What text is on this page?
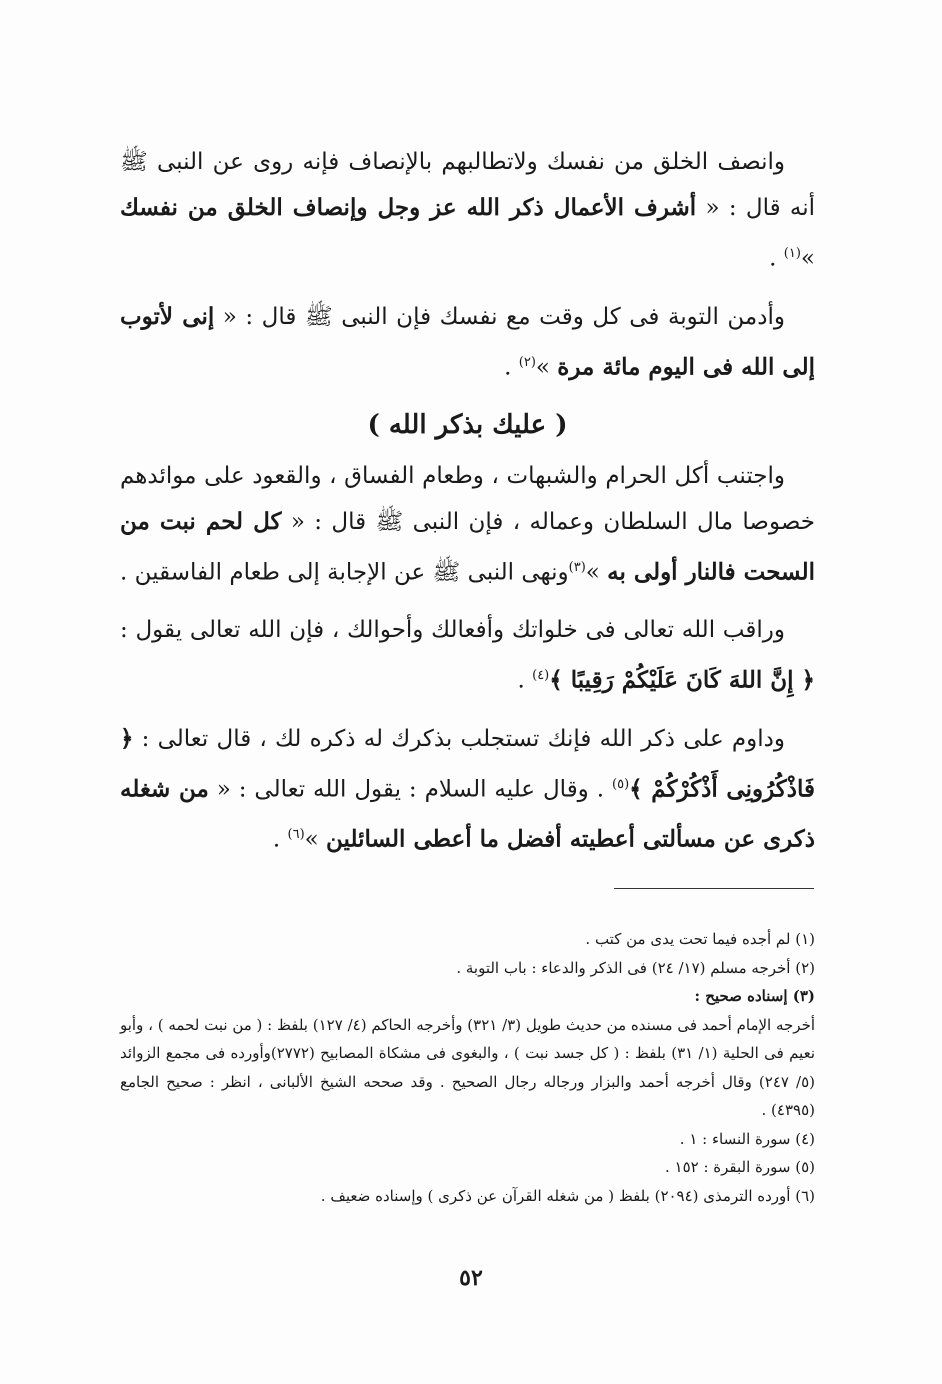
وانصف الخلق من نفسك ولاتطالبهم بالإنصاف فإنه روى عن النبى ﷺ أنه قال : « أشرف الأعمال ذكر الله عز وجل وإنصاف الخلق من نفسك »$^{(١)}$ .

وأدمن التوبة فى كل وقت مع نفسك فإن النبى ﷺ قال : « إنى لأتوب إلى الله فى اليوم مائة مرة »$^{(٢)}$ .

( عليك بذكر الله )

واجتنب أكل الحرام والشبهات ، وطعام الفساق ، والقعود على موائدهم خصوصا مال السلطان وعماله ، فإن النبى ﷺ قال : « كل لحم نبت من السحت فالنار أولى به »$^{(٣)}$ونهى النبى ﷺ عن الإجابة إلى طعام الفاسقين .

وراقب الله تعالى فى خلواتك وأفعالك وأحوالك ، فإن الله تعالى يقول : ﴿ إِنَّ اللهَ كَانَ عَلَيْكُمْ رَقِيبًا ﴾$^{(٤)}$ .

وداوم على ذكر الله فإنك تستجلب بذكرك له ذكره لك ، قال تعالى : ﴿ فَاذْكُرُونِى أَذْكُرْكُمْ ﴾$^{(٥)}$ . وقال عليه السلام : يقول الله تعالى : « من شغله ذكرى عن مسألتى أعطيته أفضل ما أعطى السائلين »$^{(٦)}$ .

(١) لم أجده فيما تحت يدى من كتب .

(٢) أخرجه مسلم (١٧/ ٢٤) فى الذكر والدعاء : باب التوبة .

(٣) إسناده صحيح :

أخرجه الإمام أحمد فى مسنده من حديث طويل (٣/ ٣٢١) وأخرجه الحاكم (٤/ ١٢٧) بلفظ : ( من نبت لحمه ) ، وأبو نعيم فى الحلية (١/ ٣١) بلفظ : ( كل جسد نبت ) ، والبغوى فى مشكاة المصابيح (٢٧٧٢)وأورده فى مجمع الزوائد (٥/ ٢٤٧) وقال أخرجه أحمد والبزار ورجاله رجال الصحيح . وقد صححه الشيخ الألبانى ، انظر : صحيح الجامع (٤٣٩٥) .

(٤) سورة النساء : ١ .

(٥) سورة البقرة : ١٥٢ .

(٦) أورده الترمذى (٢٠٩٤) بلفظ ( من شغله القرآن عن ذكرى ) وإسناده ضعيف .

٥٢
